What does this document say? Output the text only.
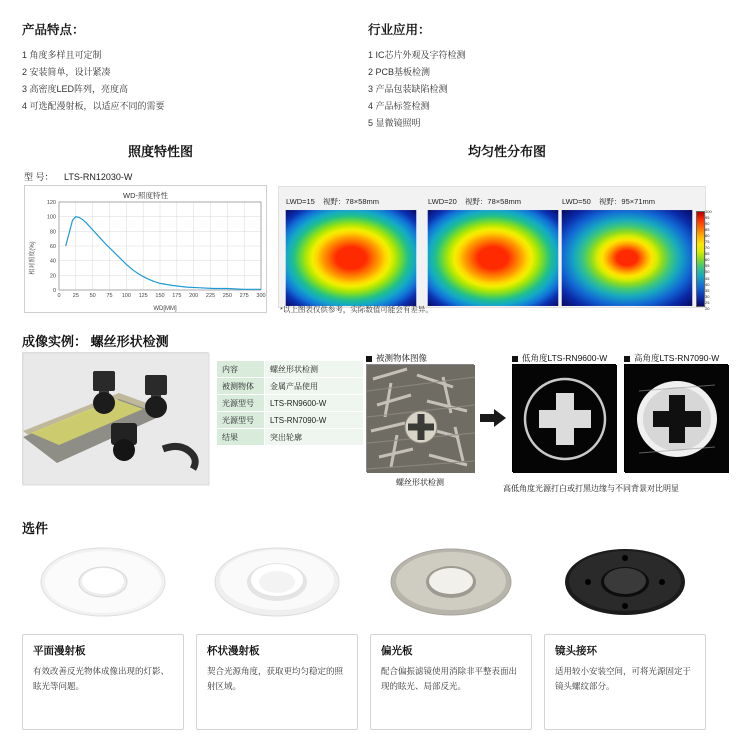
产品特点：
1 角度多样且可定制
2 安装简单，设计紧凑
3 高密度LED阵列，亮度高
4 可选配漫射板，以适应不同的需要
行业应用：
1 IC芯片外观及字符检测
2 PCB基板检测
3 产品包装缺陷检测
4 产品标签检测
5 显微镜照明
照度特性图	均匀性分布图
型 号： LTS-RN12030-W
WD-照度特性
0 25 50 75 100 125 150 175 200 225 250 275 300
0
20
40
60
80
100
120
WD[MM]
相对照度(%)
LWD=15 视野：78×58mm	LWD=20 视野：78×58mm	LWD=50 视野：95×71mm
100
95
90
85
80
75
70
65
60
55
50
45
40
35
30
25
20
*以上图表仅供参考，实际数值可能会有差异。
成像实例： 螺丝形状检测
内容	螺丝形状检测
被测物体	金属产品使用
光源型号	LTS-RN9600-W
光源型号	LTS-RN7090-W
结果	突出轮廓
被测物体图像
螺丝形状检测
低角度LTS-RN9600-W	高角度LTS-RN7090-W
高低角度光源打白或打黑边缘与不同背景对比明显
选件
平面漫射板
有效改善反光物体成像出现的灯影、眩光等问题。
杯状漫射板
契合光源角度，获取更均匀稳定的照射区域。
偏光板
配合偏振滤镜使用消除非平整表面出现的眩光、局部反光。
镜头接环
适用较小安装空间，可将光源固定于镜头螺纹部分。
